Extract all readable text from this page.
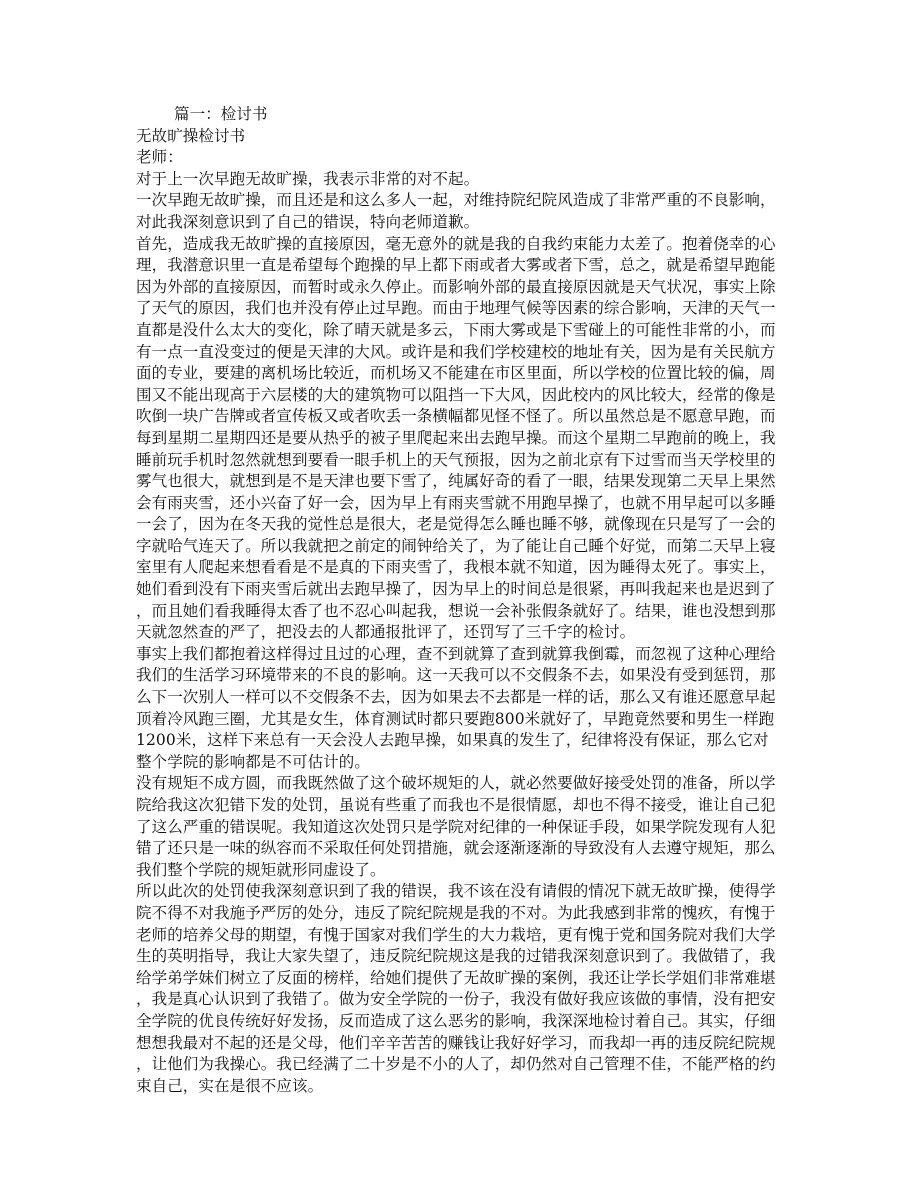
篇一：检讨书
无故旷操检讨书
老师：
对于上一次早跑无故旷操，我表示非常的对不起。
一次早跑无故旷操，而且还是和这么多人一起，对维持院纪院风造成了非常严重的不良影响，
对此我深刻意识到了自己的错误，特向老师道歉。
首先，造成我无故旷操的直接原因，毫无意外的就是我的自我约束能力太差了。抱着侥幸的心
理，我潜意识里一直是希望每个跑操的早上都下雨或者大雾或者下雪，总之，就是希望早跑能
因为外部的直接原因，而暂时或永久停止。而影响外部的最直接原因就是天气状况，事实上除
了天气的原因，我们也并没有停止过早跑。而由于地理气候等因素的综合影响，天津的天气一
直都是没什么太大的变化，除了晴天就是多云，下雨大雾或是下雪碰上的可能性非常的小，而
有一点一直没变过的便是天津的大风。或许是和我们学校建校的地址有关，因为是有关民航方
面的专业，要建的离机场比较近，而机场又不能建在市区里面，所以学校的位置比较的偏，周
围又不能出现高于六层楼的大的建筑物可以阻挡一下大风，因此校内的风比较大，经常的像是
吹倒一块广告牌或者宣传板又或者吹丢一条横幅都见怪不怪了。所以虽然总是不愿意早跑，而
每到星期二星期四还是要从热乎的被子里爬起来出去跑早操。而这个星期二早跑前的晚上，我
睡前玩手机时忽然就想到要看一眼手机上的天气预报，因为之前北京有下过雪而当天学校里的
雾气也很大，就想到是不是天津也要下雪了，纯属好奇的看了一眼，结果发现第二天早上果然
会有雨夹雪，还小兴奋了好一会，因为早上有雨夹雪就不用跑早操了，也就不用早起可以多睡
一会了，因为在冬天我的觉性总是很大，老是觉得怎么睡也睡不够，就像现在只是写了一会的
字就哈气连天了。所以我就把之前定的闹钟给关了，为了能让自己睡个好觉，而第二天早上寝
室里有人爬起来想看看是不是真的下雨夹雪了，我根本就不知道，因为睡得太死了。事实上，
她们看到没有下雨夹雪后就出去跑早操了，因为早上的时间总是很紧，再叫我起来也是迟到了
，而且她们看我睡得太香了也不忍心叫起我，想说一会补张假条就好了。结果，谁也没想到那
天就忽然查的严了，把没去的人都通报批评了，还罚写了三千字的检讨。
事实上我们都抱着这样得过且过的心理，查不到就算了查到就算我倒霉，而忽视了这种心理给
我们的生活学习环境带来的不良的影响。这一天我可以不交假条不去，如果没有受到惩罚，那
么下一次别人一样可以不交假条不去，因为如果去不去都是一样的话，那么又有谁还愿意早起
顶着冷风跑三圈，尤其是女生，体育测试时都只要跑800米就好了，早跑竟然要和男生一样跑
1200米，这样下来总有一天会没人去跑早操，如果真的发生了，纪律将没有保证，那么它对
整个学院的影响都是不可估计的。
没有规矩不成方圆，而我既然做了这个破坏规矩的人，就必然要做好接受处罚的准备，所以学
院给我这次犯错下发的处罚，虽说有些重了而我也不是很情愿，却也不得不接受，谁让自己犯
了这么严重的错误呢。我知道这次处罚只是学院对纪律的一种保证手段，如果学院发现有人犯
错了还只是一味的纵容而不采取任何处罚措施，就会逐渐逐渐的导致没有人去遵守规矩，那么
我们整个学院的规矩就形同虚设了。
所以此次的处罚使我深刻意识到了我的错误，我不该在没有请假的情况下就无故旷操，使得学
院不得不对我施予严厉的处分，违反了院纪院规是我的不对。为此我感到非常的愧疚，有愧于
老师的培养父母的期望，有愧于国家对我们学生的大力栽培，更有愧于党和国务院对我们大学
生的英明指导，我让大家失望了，违反院纪院规这是我的过错我深刻意识到了。我做错了，我
给学弟学妹们树立了反面的榜样，给她们提供了无故旷操的案例，我还让学长学姐们非常难堪
，我是真心认识到了我错了。做为安全学院的一份子，我没有做好我应该做的事情，没有把安
全学院的优良传统好好发扬，反而造成了这么恶劣的影响，我深深地检讨着自己。其实，仔细
想想我最对不起的还是父母，他们辛辛苦苦的赚钱让我好好学习，而我却一再的违反院纪院规
，让他们为我操心。我已经满了二十岁是不小的人了，却仍然对自己管理不佳，不能严格的约
束自己，实在是很不应该。
